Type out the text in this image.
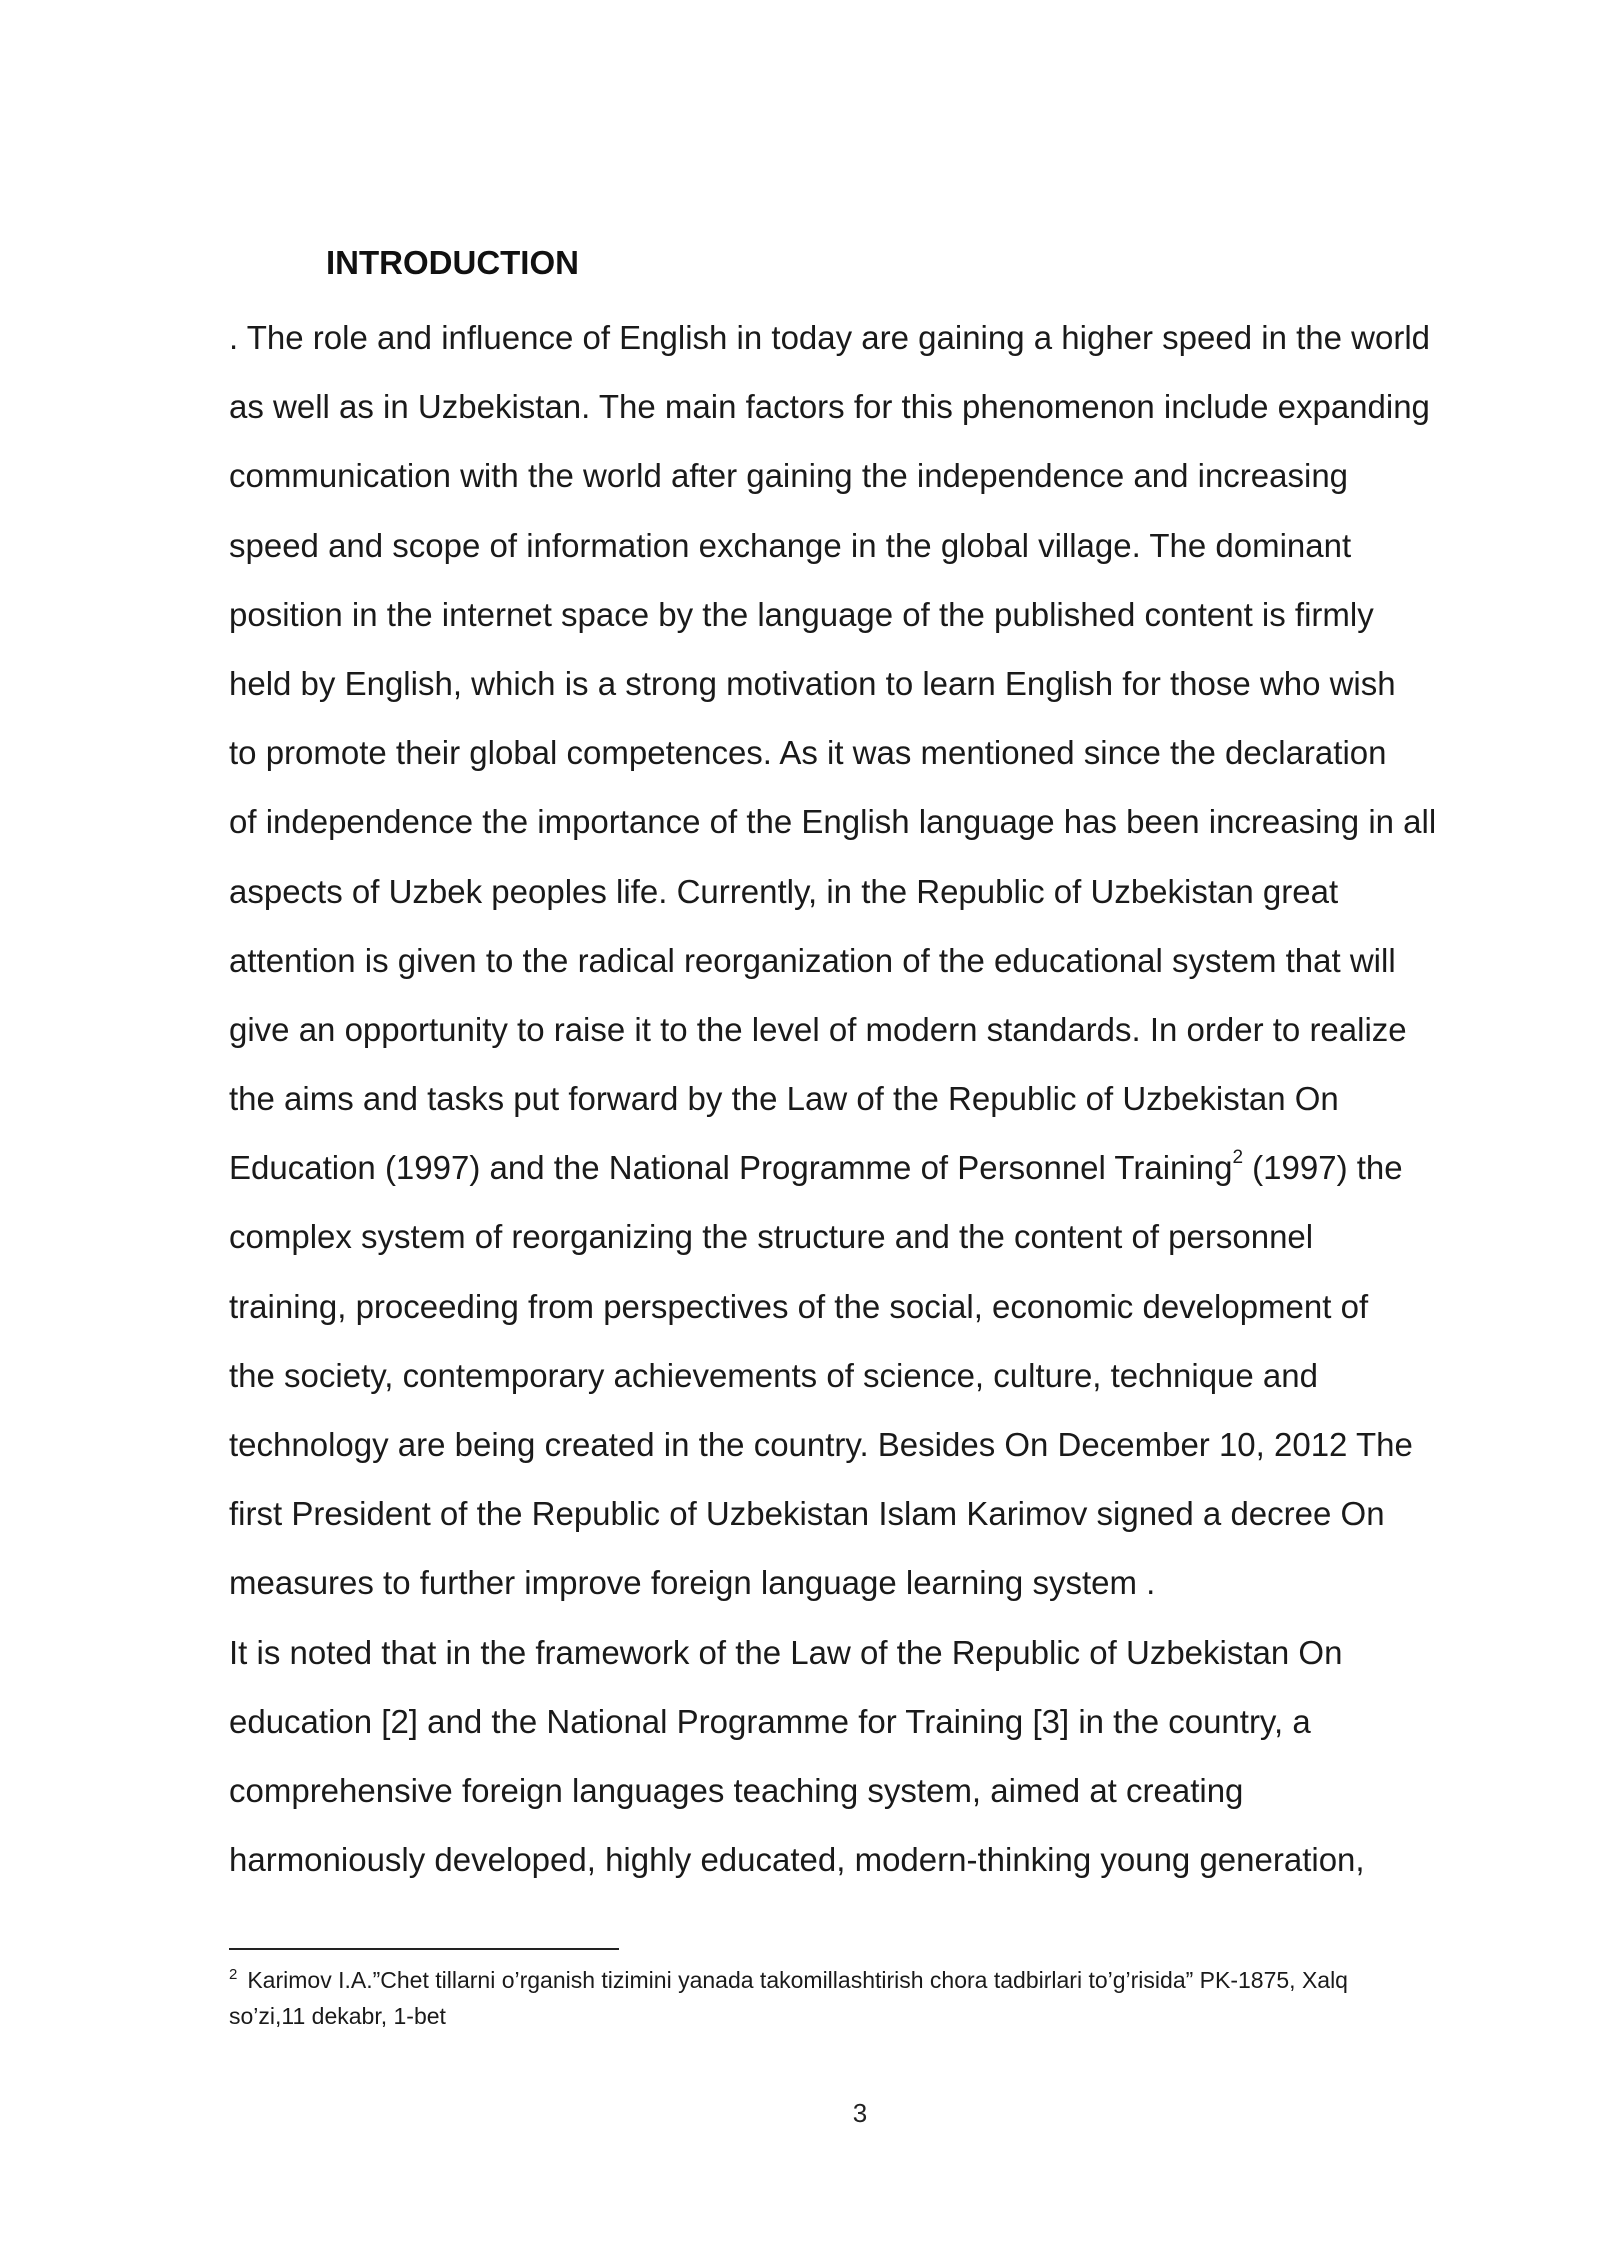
INTRODUCTION
. The role and influence of English in today are gaining a higher speed in the world
as well as in Uzbekistan. The main factors for this phenomenon include expanding
communication with the world after gaining the independence and increasing
speed and scope of information exchange in the global village. The dominant
position in the internet space by the language of the published content is firmly
held by English, which is a strong motivation to learn English for those who wish
to promote their global competences. As it was mentioned since the declaration
of independence the importance of the English language has been increasing in all
aspects of Uzbek peoples life. Currently, in the Republic of Uzbekistan great
attention is given to the radical reorganization of the educational system that will
give an opportunity to raise it to the level of modern standards. In order to realize
the aims and tasks put forward by the Law of the Republic of Uzbekistan On
Education (1997) and the National Programme of Personnel Training$^2$ (1997) the
complex system of reorganizing the structure and the content of personnel
training, proceeding from perspectives of the social, economic development of
the society, contemporary achievements of science, culture, technique and
technology are being created in the country. Besides On December 10, 2012 The
first President of the Republic of Uzbekistan Islam Karimov signed a decree On
measures to further improve foreign language learning system .
It is noted that in the framework of the Law of the Republic of Uzbekistan On
education [2] and the National Programme for Training [3] in the country, a
comprehensive foreign languages teaching system, aimed at creating
harmoniously developed, highly educated, modern-thinking young generation,
$^2$ Karimov I.A.”Chet tillarni o’rganish tizimini yanada takomillashtirish chora tadbirlari to’g’risida” PK-1875, Xalq
so’zi,11 dekabr, 1-bet
3
